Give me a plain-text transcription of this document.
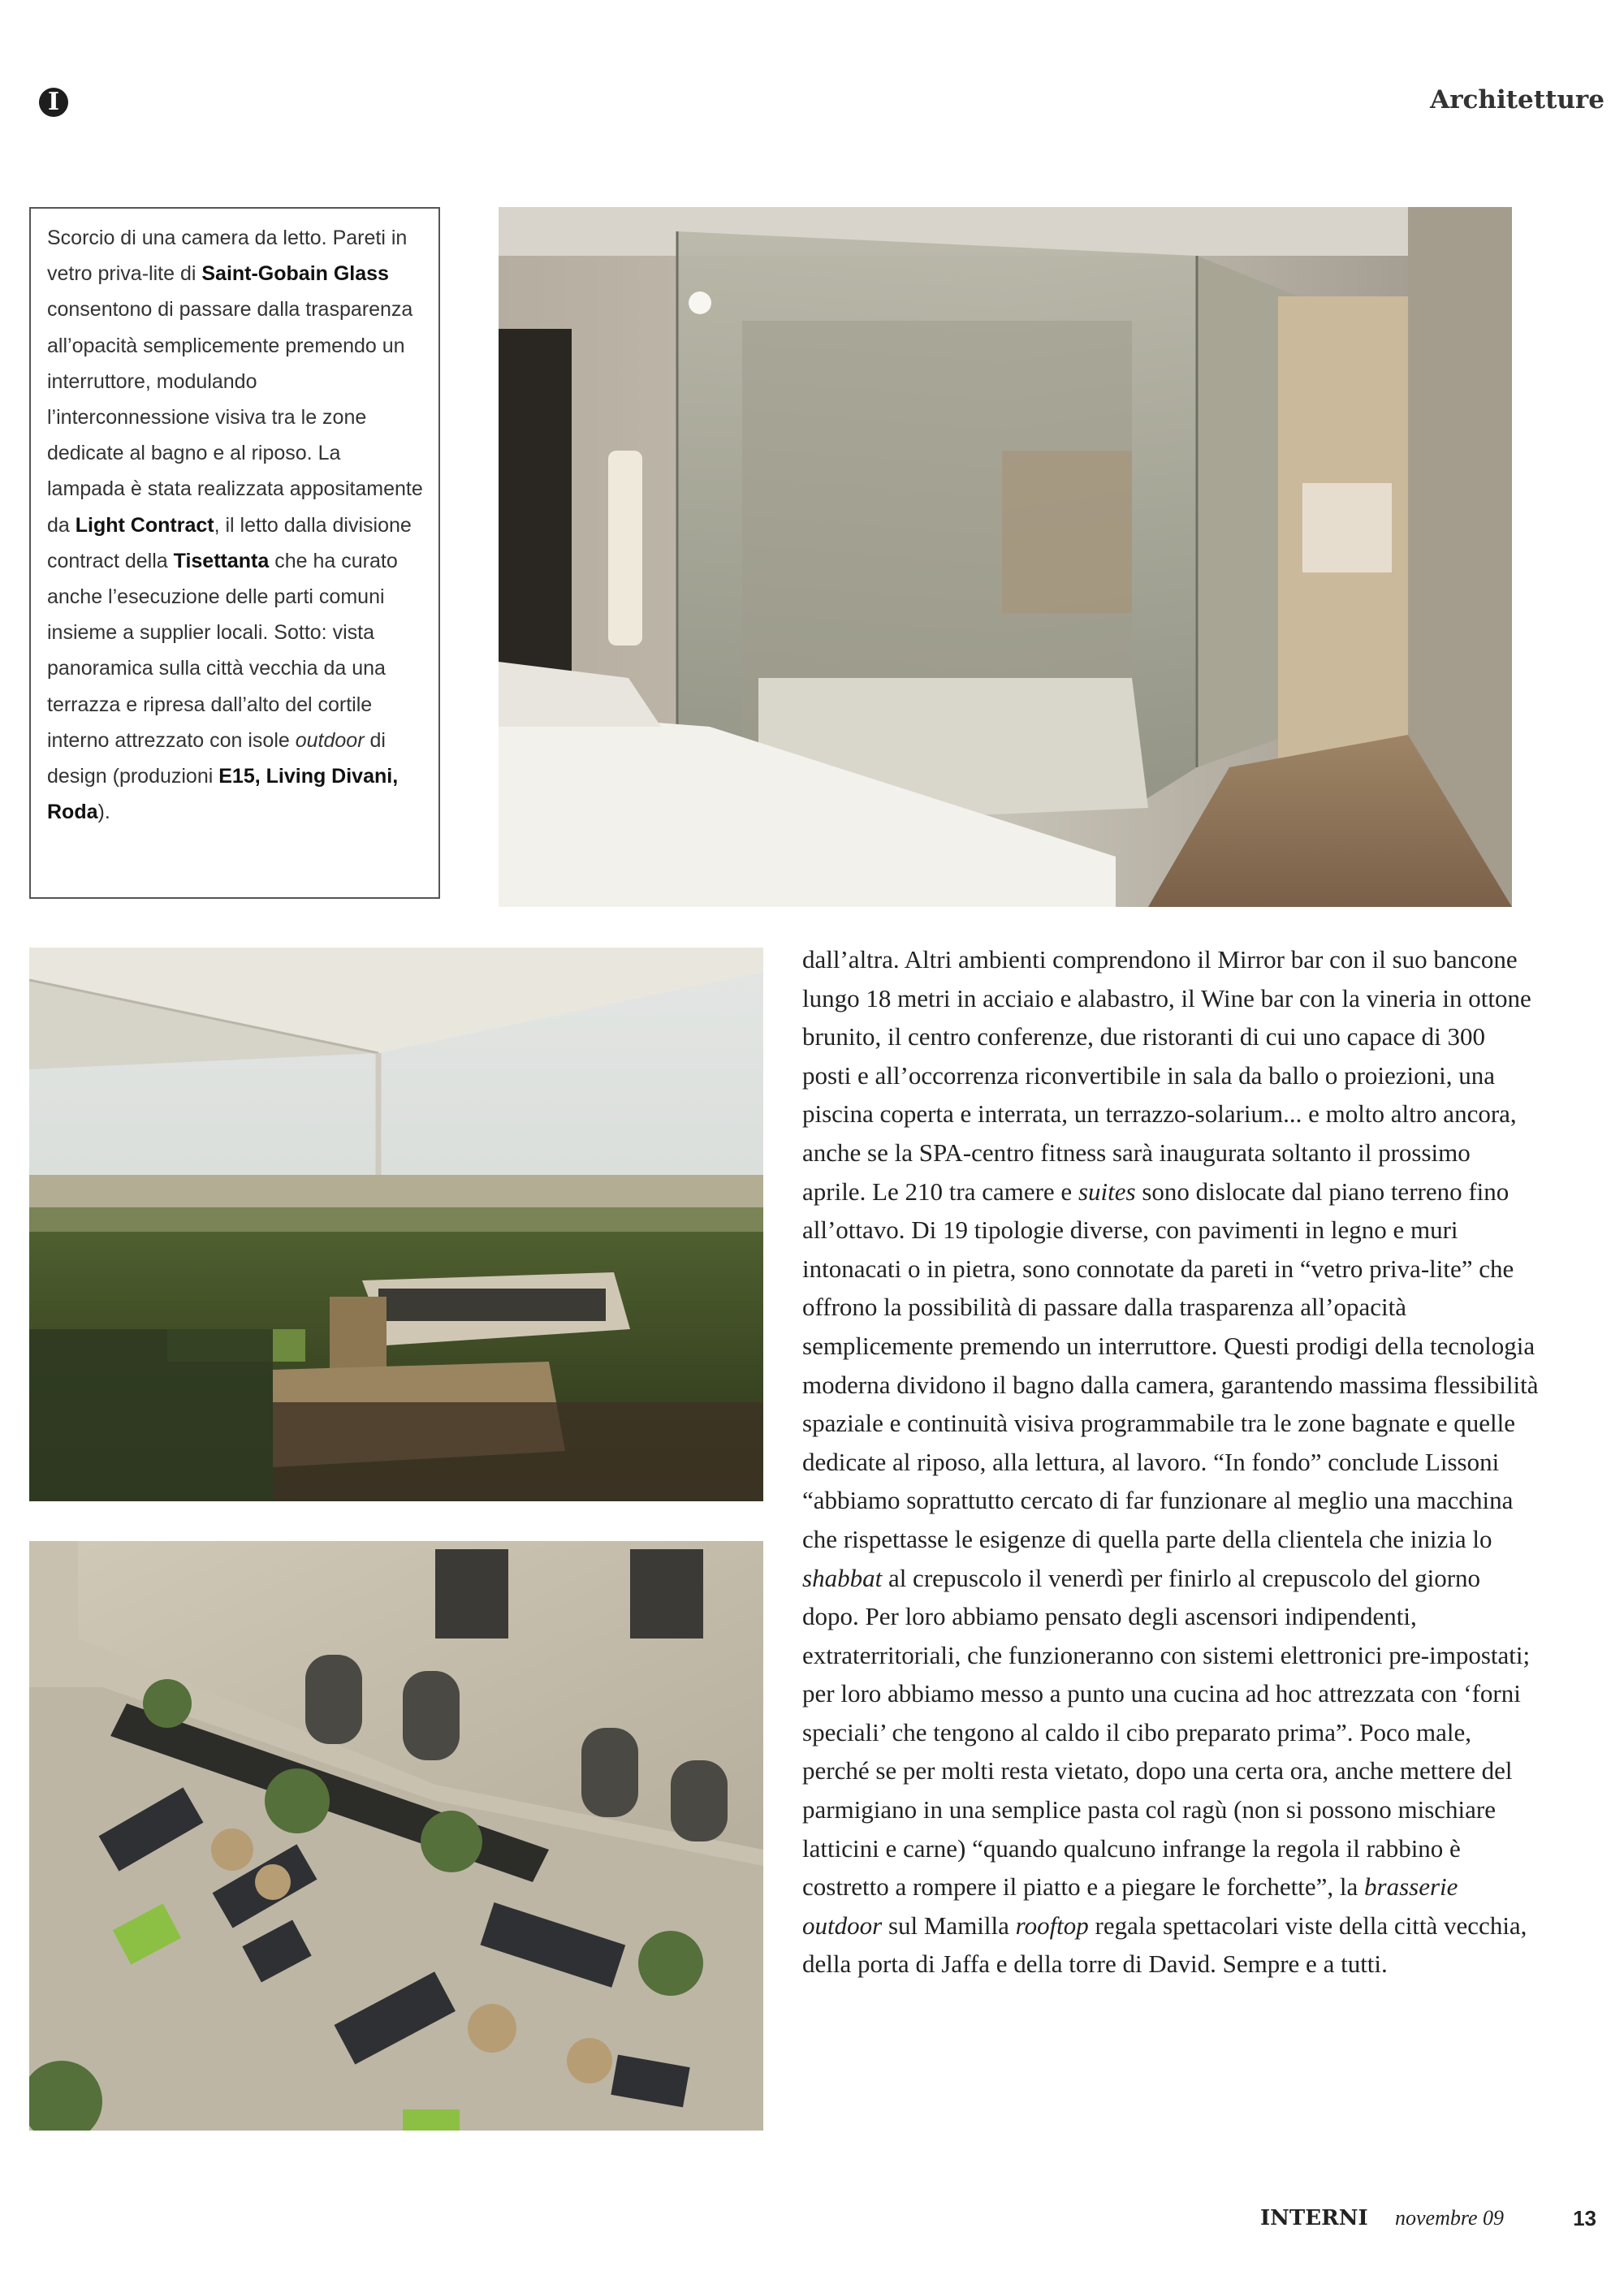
I	Architetture
Scorcio di una camera da letto. Pareti in vetro priva-lite di Saint-Gobain Glass consentono di passare dalla trasparenza all’opacità semplicemente premendo un interruttore, modulando l’interconnessione visiva tra le zone dedicate al bagno e al riposo. La lampada è stata realizzata appositamente da Light Contract, il letto dalla divisione contract della Tisettanta che ha curato anche l’esecuzione delle parti comuni insieme a supplier locali. Sotto: vista panoramica sulla città vecchia da una terrazza e ripresa dall’alto del cortile interno attrezzato con isole outdoor di design (produzioni E15, Living Divani, Roda).
dall’altra. Altri ambienti comprendono il Mirror bar con il suo bancone lungo 18 metri in acciaio e alabastro, il Wine bar con la vineria in ottone brunito, il centro conferenze, due ristoranti di cui uno capace di 300 posti e all’occorrenza riconvertibile in sala da ballo o proiezioni, una piscina coperta e interrata, un terrazzo-solarium... e molto altro ancora, anche se la SPA-centro fitness sarà inaugurata soltanto il prossimo aprile. Le 210 tra camere e suites sono dislocate dal piano terreno fino all’ottavo. Di 19 tipologie diverse, con pavimenti in legno e muri intonacati o in pietra, sono connotate da pareti in “vetro priva-lite” che offrono la possibilità di passare dalla trasparenza all’opacità semplicemente premendo un interruttore. Questi prodigi della tecnologia moderna dividono il bagno dalla camera, garantendo massima flessibilità spaziale e continuità visiva programmabile tra le zone bagnate e quelle dedicate al riposo, alla lettura, al lavoro. “In fondo” conclude Lissoni “abbiamo soprattutto cercato di far funzionare al meglio una macchina che rispettasse le esigenze di quella parte della clientela che inizia lo shabbat al crepuscolo il venerdì per finirlo al crepuscolo del giorno dopo. Per loro abbiamo pensato degli ascensori indipendenti, extraterritoriali, che funzioneranno con sistemi elettronici pre-impostati; per loro abbiamo messo a punto una cucina ad hoc attrezzata con ‘forni speciali’ che tengono al caldo il cibo preparato prima”. Poco male, perché se per molti resta vietato, dopo una certa ora, anche mettere del parmigiano in una semplice pasta col ragù (non si possono mischiare latticini e carne) “quando qualcuno infrange la regola il rabbino è costretto a rompere il piatto e a piegare le forchette”, la brasserie outdoor sul Mamilla rooftop regala spettacolari viste della città vecchia, della porta di Jaffa e della torre di David. Sempre e a tutti.
INTERNI novembre 09	13
